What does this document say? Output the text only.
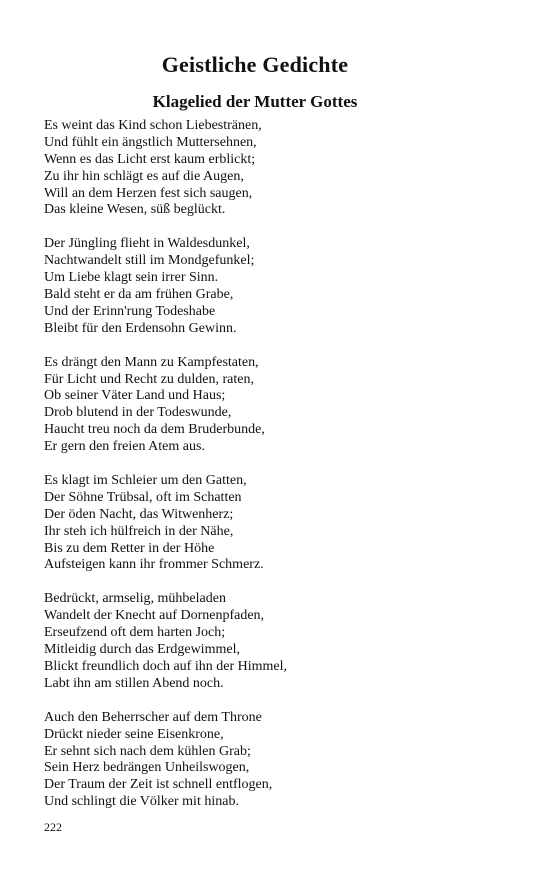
Geistliche Gedichte
Klagelied der Mutter Gottes
Es weint das Kind schon Liebestränen,
Und fühlt ein ängstlich Muttersehnen,
Wenn es das Licht erst kaum erblickt;
Zu ihr hin schlägt es auf die Augen,
Will an dem Herzen fest sich saugen,
Das kleine Wesen, süß beglückt.
Der Jüngling flieht in Waldesdunkel,
Nachtwandelt still im Mondgefunkel;
Um Liebe klagt sein irrer Sinn.
Bald steht er da am frühen Grabe,
Und der Erinn'rung Todeshabe
Bleibt für den Erdensohn Gewinn.
Es drängt den Mann zu Kampfestaten,
Für Licht und Recht zu dulden, raten,
Ob seiner Väter Land und Haus;
Drob blutend in der Todeswunde,
Haucht treu noch da dem Bruderbunde,
Er gern den freien Atem aus.
Es klagt im Schleier um den Gatten,
Der Söhne Trübsal, oft im Schatten
Der öden Nacht, das Witwenherz;
Ihr steh ich hülfreich in der Nähe,
Bis zu dem Retter in der Höhe
Aufsteigen kann ihr frommer Schmerz.
Bedrückt, armselig, mühbeladen
Wandelt der Knecht auf Dornenpfaden,
Erseufzend oft dem harten Joch;
Mitleidig durch das Erdgewimmel,
Blickt freundlich doch auf ihn der Himmel,
Labt ihn am stillen Abend noch.
Auch den Beherrscher auf dem Throne
Drückt nieder seine Eisenkrone,
Er sehnt sich nach dem kühlen Grab;
Sein Herz bedrängen Unheilswogen,
Der Traum der Zeit ist schnell entflogen,
Und schlingt die Völker mit hinab.
222
